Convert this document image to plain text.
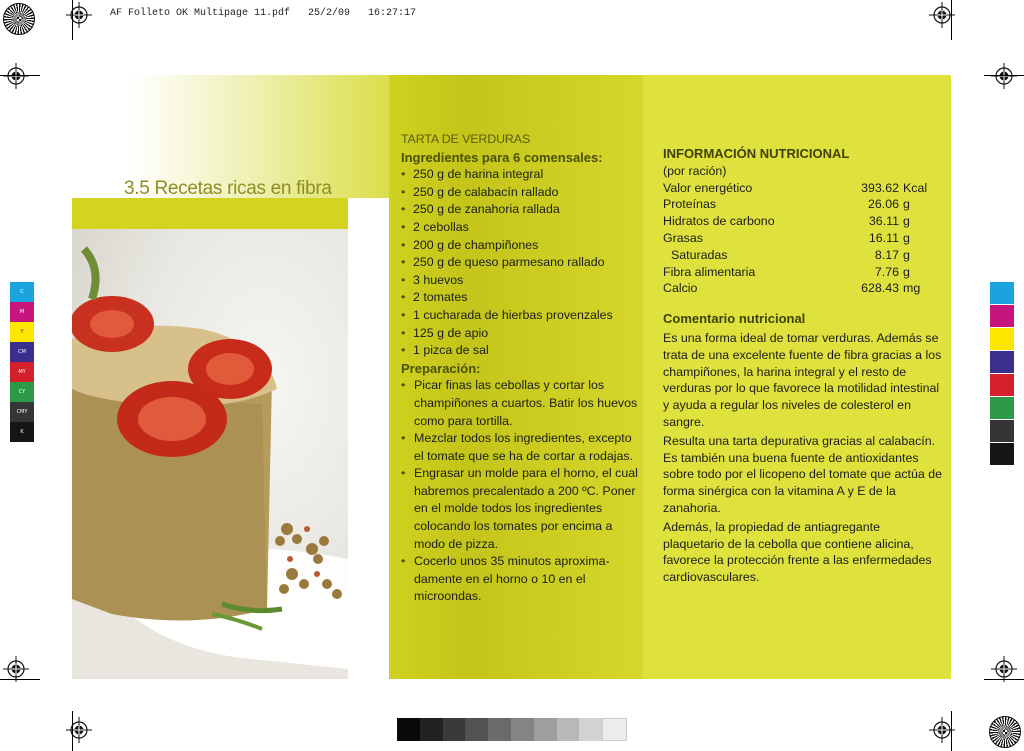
AF Folleto OK Multipage 11.pdf   25/2/09   16:27:17
C
M
Y
CM
MY
CY
CMY
K
3.5 Recetas ricas en fibra
TARTA DE VERDURAS
Ingredientes para 6 comensales:
• 250 g de harina integral
• 250 g de calabacín rallado
• 250 g de zanahoria rallada
• 2 cebollas
• 200 g de champiñones
• 250 g de queso parmesano rallado
• 3 huevos
• 2 tomates
• 1 cucharada de hierbas provenzales
• 125 g de apio
• 1 pizca de sal
Preparación:
• Picar finas las cebollas y cortar los champiñones a cuartos. Batir los huevos como para tortilla.
• Mezclar todos los ingredientes, excepto el tomate que se ha de cortar a rodajas.
• Engrasar un molde para el horno, el cual habremos precalentado a 200 ºC. Poner en el molde todos los ingredientes colocando los tomates por encima a modo de pizza.
• Cocerlo unos 35 minutos aproxima- damente en el horno o 10 en el microondas.
INFORMACIÓN NUTRICIONAL
(por ración)
Valor energético	393.62	Kcal
Proteínas	26.06	g
Hidratos de carbono	36.11	g
Grasas	16.11	g
Saturadas	8.17	g
Fibra alimentaria	7.76	g
Calcio	628.43	mg
Comentario nutricional

Es una forma ideal de tomar verduras. Además se trata de una excelente fuente de fibra gracias a los champiñones, la harina integral y el resto de verduras por lo que favorece la motilidad intestinal y ayuda a regular los niveles de colesterol en sangre.

Resulta una tarta depurativa gracias al calabacín. Es también una buena fuente de antioxidantes sobre todo por el licopeno del tomate que actúa de forma sinérgica con la vitamina A y E de la zanahoria.

Además, la propiedad de antiagregante plaquetario de la cebolla que contiene alicina, favorece la protección frente a las enfermedades cardiovasculares.
